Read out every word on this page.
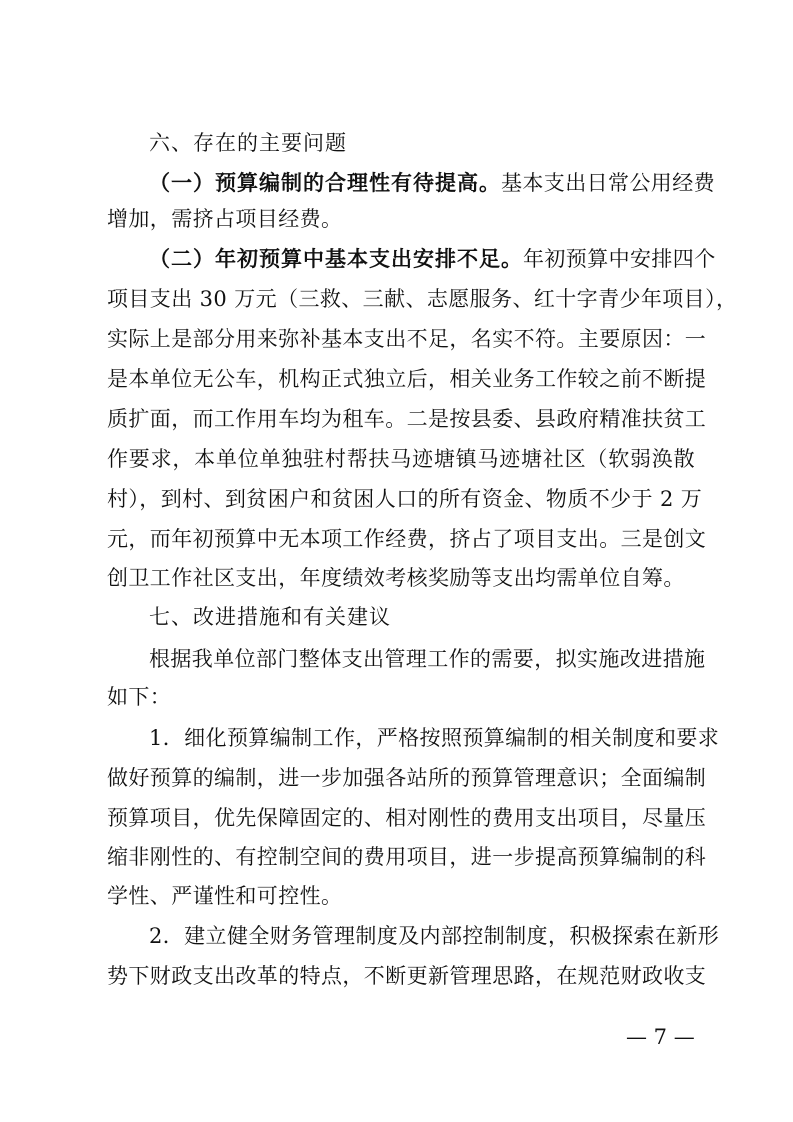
六、存在的主要问题
（一）预算编制的合理性有待提高。基本支出日常公用经费
增加，需挤占项目经费。
（二）年初预算中基本支出安排不足。年初预算中安排四个
项目支出 30 万元（三救、三献、志愿服务、红十字青少年项目），
实际上是部分用来弥补基本支出不足，名实不符。主要原因：一
是本单位无公车，机构正式独立后，相关业务工作较之前不断提
质扩面，而工作用车均为租车。二是按县委、县政府精准扶贫工
作要求，本单位单独驻村帮扶马迹塘镇马迹塘社区（软弱涣散
村），到村、到贫困户和贫困人口的所有资金、物质不少于 2 万
元，而年初预算中无本项工作经费，挤占了项目支出。三是创文
创卫工作社区支出，年度绩效考核奖励等支出均需单位自筹。
七、改进措施和有关建议
根据我单位部门整体支出管理工作的需要，拟实施改进措施
如下：
1．细化预算编制工作，严格按照预算编制的相关制度和要求
做好预算的编制，进一步加强各站所的预算管理意识；全面编制
预算项目，优先保障固定的、相对刚性的费用支出项目，尽量压
缩非刚性的、有控制空间的费用项目，进一步提高预算编制的科
学性、严谨性和可控性。
2．建立健全财务管理制度及内部控制制度，积极探索在新形
势下财政支出改革的特点，不断更新管理思路，在规范财政收支
— 7 —
